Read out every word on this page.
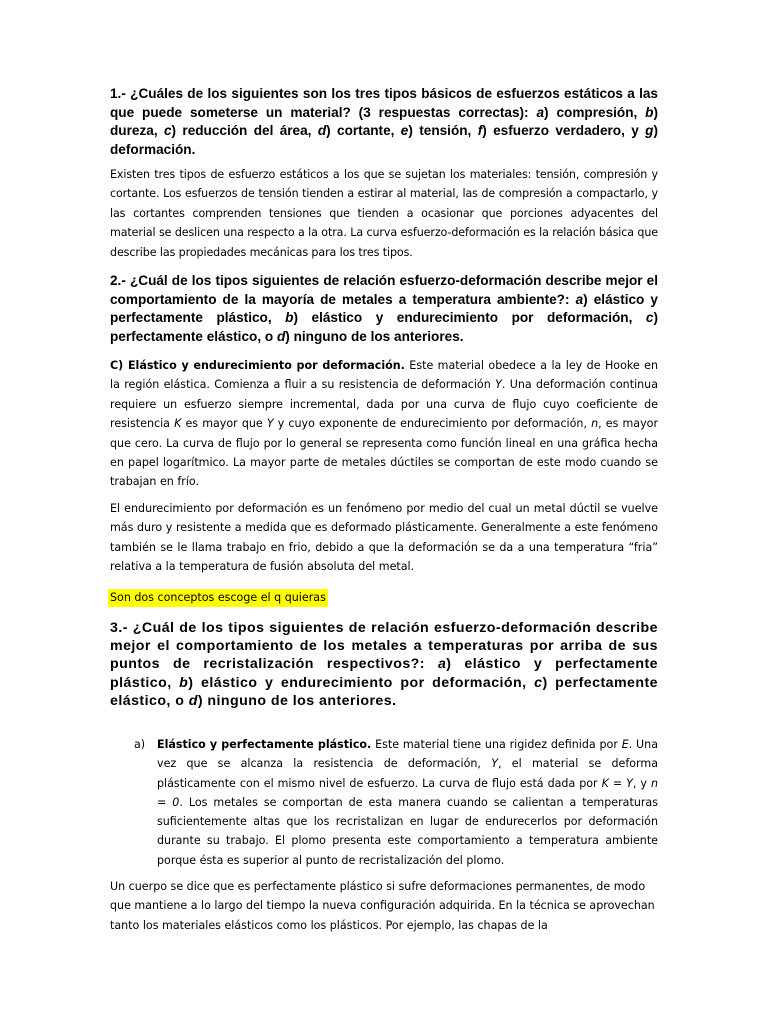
1.- ¿Cuáles de los siguientes son los tres tipos básicos de esfuerzos estáticos a las que puede someterse un material? (3 respuestas correctas): a) compresión, b) dureza, c) reducción del área, d) cortante, e) tensión, f) esfuerzo verdadero, y g) deformación.

Existen tres tipos de esfuerzo estáticos a los que se sujetan los materiales: tensión, compresión y cortante. Los esfuerzos de tensión tienden a estirar al material, las de compresión a compactarlo, y las cortantes comprenden tensiones que tienden a ocasionar que porciones adyacentes del material se deslicen una respecto a la otra. La curva esfuerzo-deformación es la relación básica que describe las propiedades mecánicas para los tres tipos.

2.- ¿Cuál de los tipos siguientes de relación esfuerzo-deformación describe mejor el comportamiento de la mayoría de metales a temperatura ambiente?: a) elástico y perfectamente plástico, b) elástico y endurecimiento por deformación, c) perfectamente elástico, o d) ninguno de los anteriores.

C) Elástico y endurecimiento por deformación. Este material obedece a la ley de Hooke en la región elástica. Comienza a fluir a su resistencia de deformación Y. Una deformación continua requiere un esfuerzo siempre incremental, dada por una curva de flujo cuyo coeficiente de resistencia K es mayor que Y y cuyo exponente de endurecimiento por deformación, n, es mayor que cero. La curva de flujo por lo general se representa como función lineal en una gráfica hecha en papel logarítmico. La mayor parte de metales dúctiles se comportan de este modo cuando se trabajan en frío.

El endurecimiento por deformación es un fenómeno por medio del cual un metal dúctil se vuelve más duro y resistente a medida que es deformado plásticamente. Generalmente a este fenómeno también se le llama trabajo en frio, debido a que la deformación se da a una temperatura “fria” relativa a la temperatura de fusión absoluta del metal.

Son dos conceptos escoge el q quieras

3.- ¿Cuál de los tipos siguientes de relación esfuerzo-deformación describe mejor el comportamiento de los metales a temperaturas por arriba de sus puntos de recristalización respectivos?: a) elástico y perfectamente plástico, b) elástico y endurecimiento por deformación, c) perfectamente elástico, o d) ninguno de los anteriores.

a) Elástico y perfectamente plástico. Este material tiene una rigidez definida por E. Una vez que se alcanza la resistencia de deformación, Y, el material se deforma plásticamente con el mismo nivel de esfuerzo. La curva de flujo está dada por K = Y, y n = 0. Los metales se comportan de esta manera cuando se calientan a temperaturas suficientemente altas que los recristalizan en lugar de endurecerlos por deformación durante su trabajo. El plomo presenta este comportamiento a temperatura ambiente porque ésta es superior al punto de recristalización del plomo.

Un cuerpo se dice que es perfectamente plástico si sufre deformaciones permanentes, de modo que mantiene a lo largo del tiempo la nueva configuración adquirida. En la técnica se aprovechan tanto los materiales elásticos como los plásticos. Por ejemplo, las chapas de la
